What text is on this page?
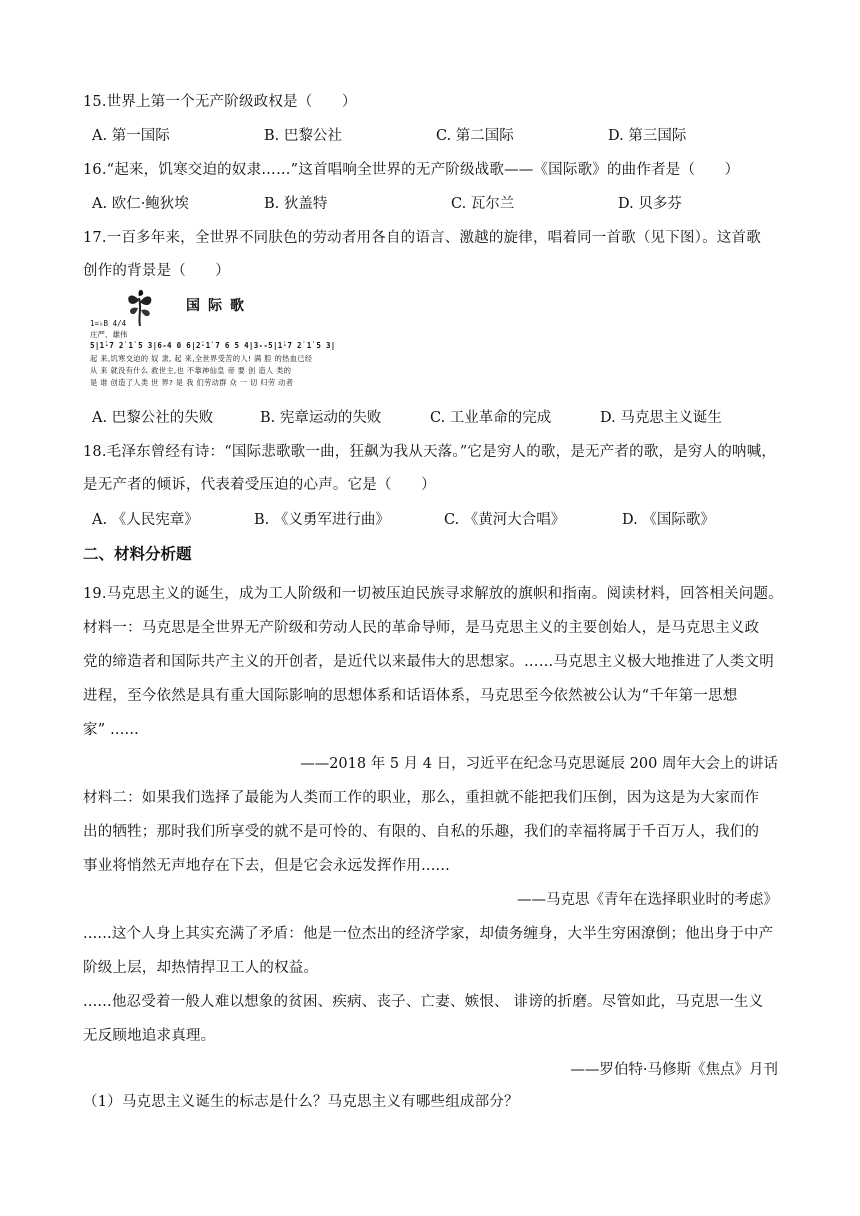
15.世界上第一个无产阶级政权是（　　）
A. 第一国际	B. 巴黎公社	C. 第二国际	D. 第三国际
16.“起来，饥寒交迫的奴隶……”这首唱响全世界的无产阶级战歌——《国际歌》的曲作者是（　　）
A. 欧仁·鲍狄埃	B. 狄盖特	C. 瓦尔兰	D. 贝多芬
17.一百多年来，全世界不同肤色的劳动者用各自的语言、激越的旋律，唱着同一首歌（见下图）。这首歌
创作的背景是（　　）
国际歌
1=♭B 4/4
庄严、雄伟
5|1̇·7 2̇ 1̇ 5 3|6-4 0 6|2̇·1̇ 7 6 5 4|3--5|1̇·7 2̇ 1̇ 5 3|
起 来,饥寒交迫的 奴 隶, 起 来,全世界受苦的人! 满 腔 的热血已经
从 来 就没有什么 救世主,也 不靠神仙皇 帝 要 创 造人 类的
是 谁 创造了人类 世 界? 是 我 们劳动群 众 一 切 归劳 动者
A. 巴黎公社的失败	B. 宪章运动的失败	C. 工业革命的完成	D. 马克思主义诞生
18.毛泽东曾经有诗：“国际悲歌歌一曲，狂飙为我从天落。”它是穷人的歌，是无产者的歌，是穷人的呐喊，
是无产者的倾诉，代表着受压迫的心声。它是（　　）
A. 《人民宪章》	B. 《义勇军进行曲》	C. 《黄河大合唱》	D. 《国际歌》
二、材料分析题
19.马克思主义的诞生，成为工人阶级和一切被压迫民族寻求解放的旗帜和指南。阅读材料，回答相关问题。
材料一：马克思是全世界无产阶级和劳动人民的革命导师，是马克思主义的主要创始人，是马克思主义政
党的缔造者和国际共产主义的开创者，是近代以来最伟大的思想家。……马克思主义极大地推进了人类文明
进程，至今依然是具有重大国际影响的思想体系和话语体系，马克思至今依然被公认为“千年第一思想
家” ......
——2018 年 5 月 4 日，习近平在纪念马克思诞辰 200 周年大会上的讲话
材料二：如果我们选择了最能为人类而工作的职业，那么，重担就不能把我们压倒，因为这是为大家而作
出的牺牲；那时我们所享受的就不是可怜的、有限的、自私的乐趣，我们的幸福将属于千百万人，我们的
事业将悄然无声地存在下去，但是它会永远发挥作用......
——马克思《青年在选择职业时的考虑》
......这个人身上其实充满了矛盾：他是一位杰出的经济学家，却债务缠身，大半生穷困潦倒；他出身于中产
阶级上层，却热情捍卫工人的权益。
......他忍受着一般人难以想象的贫困、疾病、丧子、亡妻、嫉恨、 诽谤的折磨。尽管如此，马克思一生义
无反顾地追求真理。
——罗伯特·马修斯《焦点》月刊
（1）马克思主义诞生的标志是什么？马克思主义有哪些组成部分？
